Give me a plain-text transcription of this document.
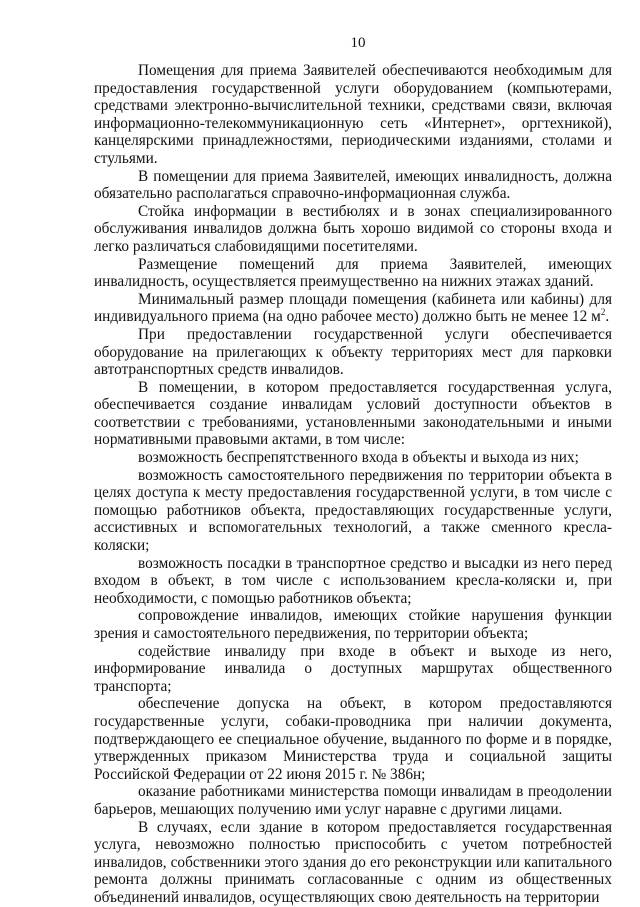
10

Помещения для приема Заявителей обеспечиваются необходимым для предоставления государственной услуги оборудованием (компьютерами, средствами электронно-вычислительной техники, средствами связи, включая информационно-телекоммуникационную сеть «Интернет», оргтехникой), канцелярскими принадлежностями, периодическими изданиями, столами и стульями.

В помещении для приема Заявителей, имеющих инвалидность, должна обязательно располагаться справочно-информационная служба.

Стойка информации в вестибюлях и в зонах специализированного обслуживания инвалидов должна быть хорошо видимой со стороны входа и легко различаться слабовидящими посетителями.

Размещение помещений для приема Заявителей, имеющих инвалидность, осуществляется преимущественно на нижних этажах зданий.

Минимальный размер площади помещения (кабинета или кабины) для индивидуального приема (на одно рабочее место) должно быть не менее 12 $м^2$.

При предоставлении государственной услуги обеспечивается оборудование на прилегающих к объекту территориях мест для парковки автотранспортных средств инвалидов.

В помещении, в котором предоставляется государственная услуга, обеспечивается создание инвалидам условий доступности объектов в соответствии с требованиями, установленными законодательными и иными нормативными правовыми актами, в том числе:

возможность беспрепятственного входа в объекты и выхода из них;

возможность самостоятельного передвижения по территории объекта в целях доступа к месту предоставления государственной услуги, в том числе с помощью работников объекта, предоставляющих государственные услуги, ассистивных и вспомогательных технологий, а также сменного кресла-коляски;

возможность посадки в транспортное средство и высадки из него перед входом в объект, в том числе с использованием кресла-коляски и, при необходимости, с помощью работников объекта;

сопровождение инвалидов, имеющих стойкие нарушения функции зрения и самостоятельного передвижения, по территории объекта;

содействие инвалиду при входе в объект и выходе из него, информирование инвалида о доступных маршрутах общественного транспорта;

обеспечение допуска на объект, в котором предоставляются государственные услуги, собаки-проводника при наличии документа, подтверждающего ее специальное обучение, выданного по форме и в порядке, утвержденных приказом Министерства труда и социальной защиты Российской Федерации от 22 июня 2015 г. № 386н;

оказание работниками министерства помощи инвалидам в преодолении барьеров, мешающих получению ими услуг наравне с другими лицами.

В случаях, если здание в котором предоставляется государственная услуга, невозможно полностью приспособить с учетом потребностей инвалидов, собственники этого здания до его реконструкции или капитального ремонта должны принимать согласованные с одним из общественных объединений инвалидов, осуществляющих свою деятельность на территории
